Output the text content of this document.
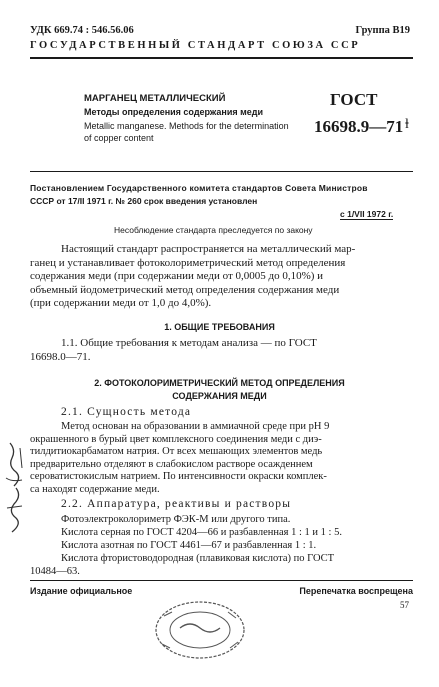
УДК 669.74 : 546.56.06	Группа В19
ГОСУДАРСТВЕННЫЙ СТАНДАРТ СОЮЗА ССР
МАРГАНЕЦ МЕТАЛЛИЧЕСКИЙ
Методы определения содержания меди
Metallic manganese. Methods for the determination
of copper content
ГОСТ
16698.9—71 ⱡ
Постановлением Государственного комитета стандартов Совета Министров
СССР от 17/II 1971 г. № 260 срок введения установлен
с 1/VII 1972 г.
Несоблюдение стандарта преследуется по закону
Настоящий стандарт распространяется на металлический мар-
ганец и устанавливает фотоколориметрический метод определения
содержания меди (при содержании меди от 0,0005 до 0,10%) и
объемный йодометрический метод определения содержания меди
(при содержании меди от 1,0 до 4,0%).
1. ОБЩИЕ ТРЕБОВАНИЯ
1.1. Общие требования к методам анализа — по ГОСТ
16698.0—71.
2. ФОТОКОЛОРИМЕТРИЧЕСКИЙ МЕТОД ОПРЕДЕЛЕНИЯ
СОДЕРЖАНИЯ МЕДИ
2.1. Сущность метода
Метод основан на образовании в аммиачной среде при рН 9
окрашенного в бурый цвет комплексного соединения меди с диэ-
тилдитиокарбаматом натрия. От всех мешающих элементов медь
предварительно отделяют в слабокислом растворе осажденнем
сероватистокислым натрием. По интенсивности окраски комплек-
са находят содержание меди.
2.2. Аппаратура, реактивы и растворы
Фотоэлектроколориметр ФЭК-М или другого типа.
Кислота серная по ГОСТ 4204—66 и разбавленная 1 : 1 и 1 : 5.
Кислота азотная по ГОСТ 4461—67 и разбавленная 1 : 1.
Кислота фтористоводородная (плавиковая кислота) по ГОСТ
10484—63.
Издание официальное	Перепечатка воспрещена
57
